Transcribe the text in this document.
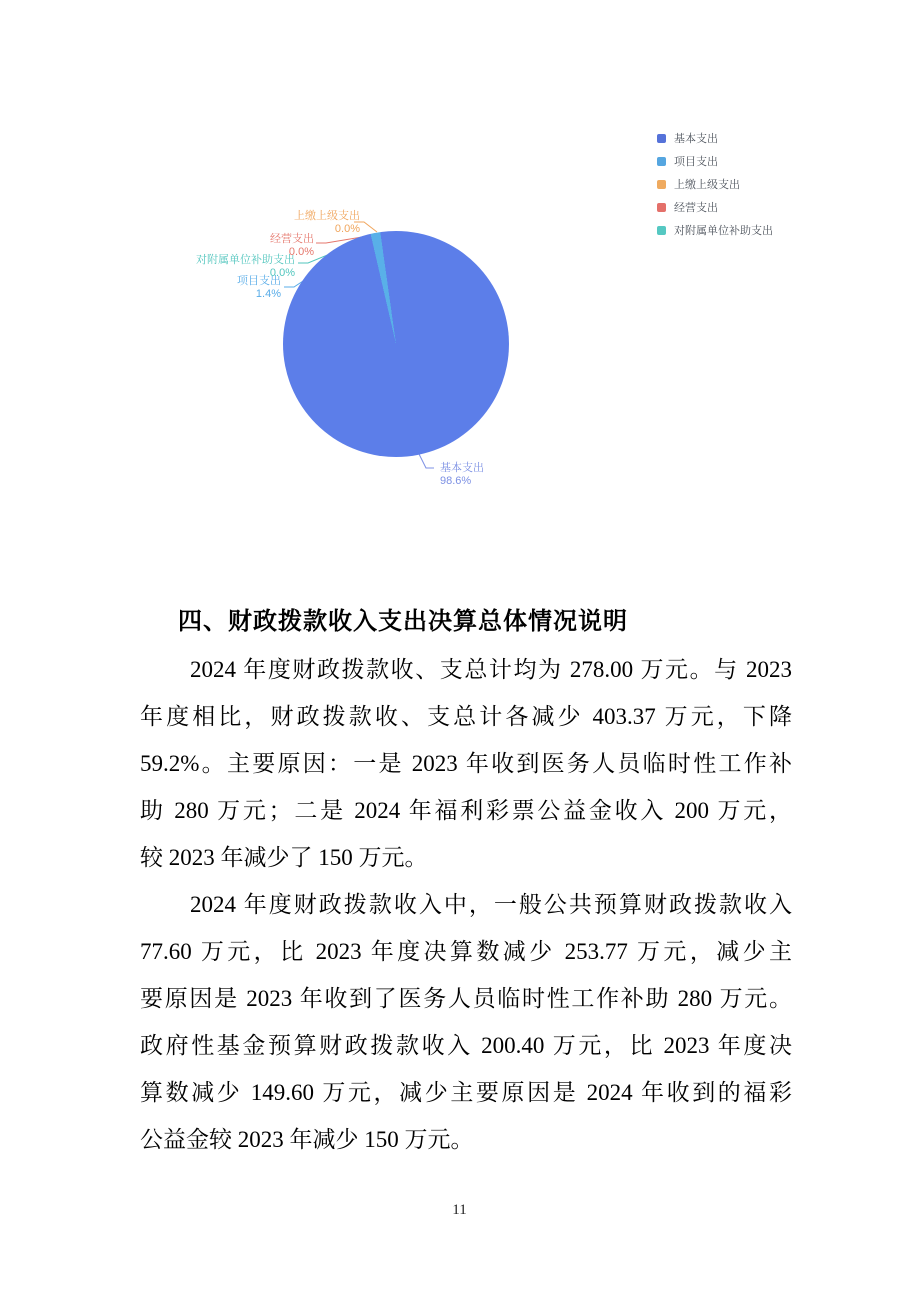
上缴上级支出
0.0%
经营支出
0.0%
对附属单位补助支出
0.0%
项目支出
1.4%
基本支出
98.6%
基本支出
项目支出
上缴上级支出
经营支出
对附属单位补助支出
四、财政拨款收入支出决算总体情况说明
2024 年度财政拨款收、支总计均为 278.00 万元。与 2023
年度相比，财政拨款收、支总计各减少 403.37 万元，下降
59.2%。主要原因：一是 2023 年收到医务人员临时性工作补
助 280 万元；二是 2024 年福利彩票公益金收入 200 万元，
较 2023 年减少了 150 万元。
2024 年度财政拨款收入中，一般公共预算财政拨款收入
77.60 万元，比 2023 年度决算数减少 253.77 万元，减少主
要原因是 2023 年收到了医务人员临时性工作补助 280 万元。
政府性基金预算财政拨款收入 200.40 万元，比 2023 年度决
算数减少 149.60 万元，减少主要原因是 2024 年收到的福彩
公益金较 2023 年减少 150 万元。
11
